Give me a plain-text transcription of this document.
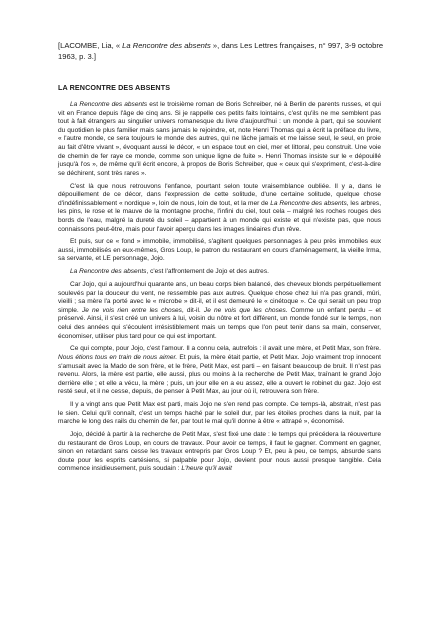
[LACOMBE, Lia, « La Rencontre des absents », dans Les Lettres françaises, n° 997, 3-9 octobre 1963, p. 3.]
LA RENCONTRE DES ABSENTS

La Rencontre des absents est le troisième roman de Boris Schreiber, né à Berlin de parents russes, et qui vit en France depuis l'âge de cinq ans. Si je rappelle ces petits faits lointains, c'est qu'ils ne me semblent pas tout à fait étrangers au singulier univers romanesque du livre d'aujourd'hui : un monde à part, qui se souvient du quotidien le plus familier mais sans jamais le rejoindre, et, note Henri Thomas qui a écrit la préface du livre, « l'autre monde, ce sera toujours le monde des autres, qui ne lâche jamais et me laisse seul, le seul, en proie au fait d'être vivant », évoquant aussi le décor, « un espace tout en ciel, mer et littoral, peu construit. Une voie de chemin de fer raye ce monde, comme son unique ligne de fuite ». Henri Thomas insiste sur le « dépouillé jusqu'à l'os », de même qu'il écrit encore, à propos de Boris Schreiber, que « ceux qui s'expriment, c'est-à-dire se déchirent, sont très rares ».

C'est là que nous retrouvons l'enfance, pourtant selon toute vraisemblance oubliée. Il y a, dans le dépouillement de ce décor, dans l'expression de cette solitude, d'une certaine solitude, quelque chose d'indéfinissablement « nordique », loin de nous, loin de tout, et la mer de La Rencontre des absents, les arbres, les pins, le rose et le mauve de la montagne proche, l'infini du ciel, tout cela – malgré les roches rouges des bords de l'eau, malgré la dureté du soleil – appartient à un monde qui existe et qui n'existe pas, que nous connaissons peut-être, mais pour l'avoir aperçu dans les images linéaires d'un rêve.

Et puis, sur ce « fond » immobile, immobilisé, s'agitent quelques personnages à peu près immobiles eux aussi, immobilisés en eux-mêmes, Gros Loup, le patron du restaurant en cours d'aménagement, la vieille Irma, sa servante, et LE personnage, Jojo.

La Rencontre des absents, c'est l'affrontement de Jojo et des autres.

Car Jojo, qui a aujourd'hui quarante ans, un beau corps bien balancé, des cheveux blonds perpétuellement soulevés par la douceur du vent, ne ressemble pas aux autres. Quelque chose chez lui n'a pas grandi, mûri, vieilli ; sa mère l'a porté avec le « microbe » dit-il, et il est demeuré le « cinétoque ». Ce qui serait un peu trop simple. Je ne vois rien entre les choses, dit-il. Je ne vois que les choses. Comme un enfant perdu – et préservé. Ainsi, il s'est créé un univers à lui, voisin du nôtre et fort différent, un monde fondé sur le temps, non celui des années qui s'écoulent irrésistiblement mais un temps que l'on peut tenir dans sa main, conserver, économiser, utiliser plus tard pour ce qui est important.

Ce qui compte, pour Jojo, c'est l'amour. Il a connu cela, autrefois : il avait une mère, et Petit Max, son frère. Nous étions tous en train de nous aimer. Et puis, la mère était partie, et Petit Max. Jojo vraiment trop innocent s'amusait avec la Mado de son frère, et le frère, Petit Max, est parti – en faisant beaucoup de bruit. Il n'est pas revenu. Alors, la mère est partie, elle aussi, plus ou moins à la recherche de Petit Max, traînant le grand Jojo derrière elle ; et elle a vécu, la mère ; puis, un jour elle en a eu assez, elle a ouvert le robinet du gaz. Jojo est resté seul, et il ne cesse, depuis, de penser à Petit Max, au jour où il, retrouvera son frère.

Il y a vingt ans que Petit Max est parti, mais Jojo ne s'en rend pas compte. Ce temps-là, abstrait, n'est pas le sien. Celui qu'il connaît, c'est un temps haché par le soleil dur, par les étoiles proches dans la nuit, par la marche le long des rails du chemin de fer, par tout le mal qu'il donne à être « attrapé », économisé.

Jojo, décidé à partir à la recherche de Petit Max, s'est fixé une date : le temps qui précédera la réouverture du restaurant de Gros Loup, en cours de travaux. Pour avoir ce temps, il faut le gagner. Comment en gagner, sinon en retardant sans cesse les travaux entrepris par Gros Loup ? Et, peu à peu, ce temps, absurde sans doute pour les esprits cartésiens, si palpable pour Jojo, devient pour nous aussi presque tangible. Cela commence insidieusement, puis soudain : L'heure qu'il avait
